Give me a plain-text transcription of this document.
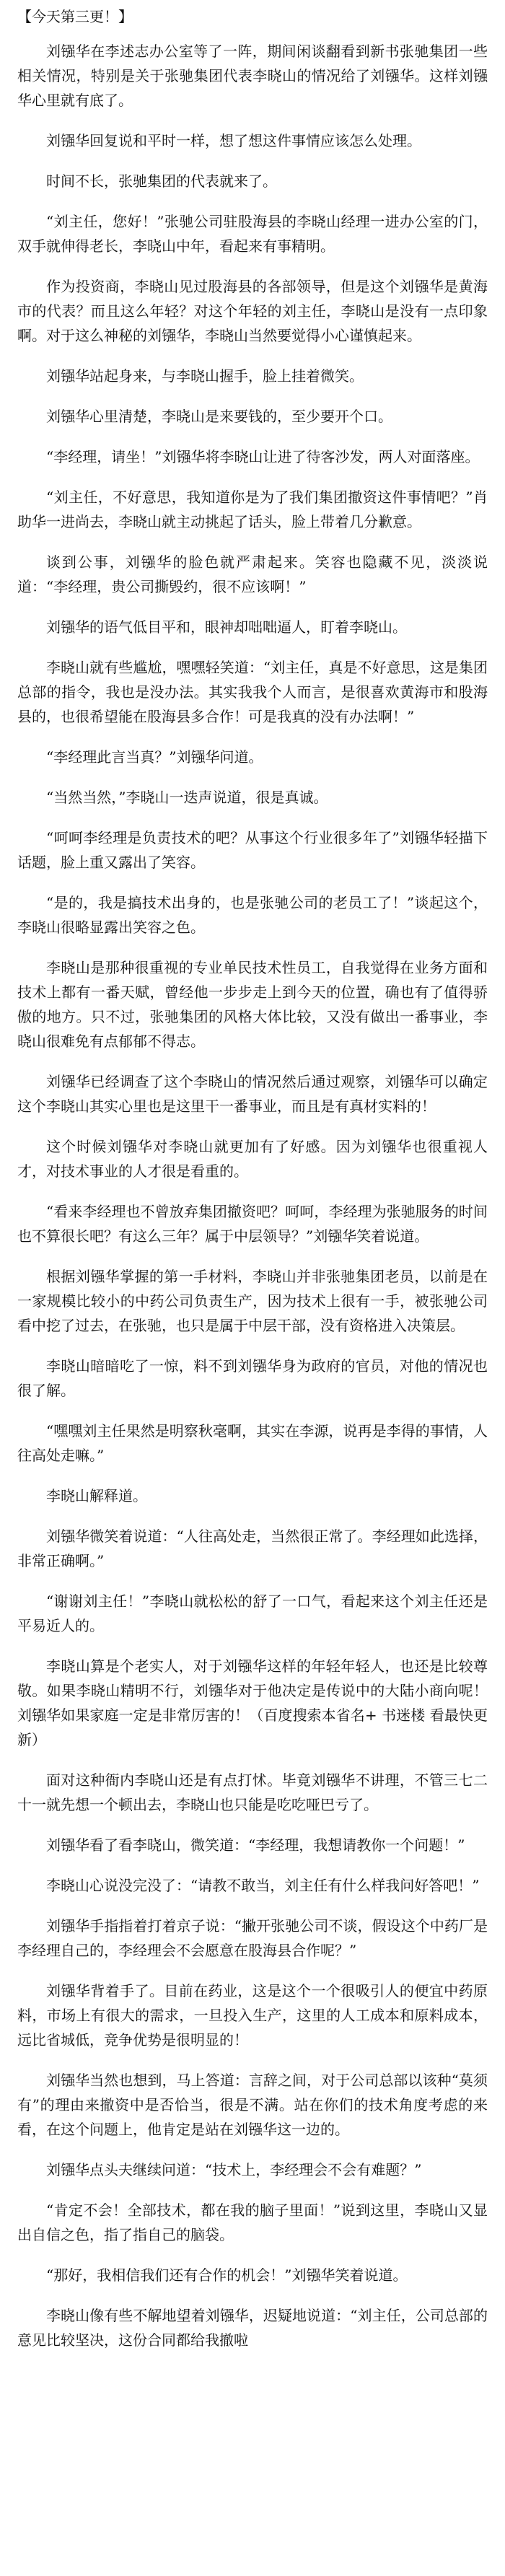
【今天第三更！】

刘镪华在李述志办公室等了一阵，期间闲谈翻看到新书张驰集团一些相关情况，特别是关于张驰集团代表李晓山的情况给了刘镪华。这样刘镪华心里就有底了。

刘镪华回复说和平时一样，想了想这件事情应该怎么处理。

时间不长，张驰集团的代表就来了。

“刘主任，您好！”张驰公司驻股海县的李晓山经理一进办公室的门，双手就伸得老长，李晓山中年，看起来有事精明。

作为投资商，李晓山见过股海县的各部领导，但是这个刘镪华是黄海市的代表？而且这么年轻？对这个年轻的刘主任，李晓山是没有一点印象啊。对于这么神秘的刘镪华，李晓山当然要觉得小心谨慎起来。

刘镪华站起身来，与李晓山握手，脸上挂着微笑。

刘镪华心里清楚，李晓山是来要钱的，至少要开个口。

“李经理，请坐！”刘镪华将李晓山让进了待客沙发，两人对面落座。

“刘主任，不好意思，我知道你是为了我们集团撤资这件事情吧？”肖助华一进尚去，李晓山就主动挑起了话头，脸上带着几分歉意。

谈到公事，刘镪华的脸色就严肃起来。笑容也隐藏不见，淡淡说道：“李经理，贵公司撕毁约，很不应该啊！”

刘镪华的语气低目平和，眼神却咄咄逼人，盯着李晓山。

李晓山就有些尴尬，嘿嘿轻笑道：“刘主任，真是不好意思，这是集团总部的指令，我也是没办法。其实我我个人而言，是很喜欢黄海市和股海县的，也很希望能在股海县多合作！可是我真的没有办法啊！”

“李经理此言当真？”刘镪华问道。

“当然当然，”李晓山一迭声说道，很是真诚。

“呵呵李经理是负责技术的吧？从事这个行业很多年了”刘镪华轻描下话题，脸上重又露出了笑容。

“是的，我是搞技术出身的，也是张驰公司的老员工了！”谈起这个，李晓山很略显露出笑容之色。

李晓山是那种很重视的专业单民技术性员工，自我觉得在业务方面和技术上都有一番天赋，曾经他一步步走上到今天的位置，确也有了值得骄傲的地方。只不过，张驰集团的风格大体比较，又没有做出一番事业，李晓山很难免有点郁郁不得志。

刘镪华已经调查了这个李晓山的情况然后通过观察，刘镪华可以确定这个李晓山其实心里也是这里干一番事业，而且是有真材实料的！

这个时候刘镪华对李晓山就更加有了好感。因为刘镪华也很重视人才，对技术事业的人才很是看重的。

“看来李经理也不曾放弃集团撤资吧？呵呵，李经理为张驰服务的时间也不算很长吧？有这么三年？属于中层领导？”刘镪华笑着说道。

根据刘镪华掌握的第一手材料，李晓山并非张驰集团老员，以前是在一家规模比较小的中药公司负责生产，因为技术上很有一手，被张驰公司看中挖了过去，在张驰，也只是属于中层干部，没有资格进入决策层。

李晓山暗暗吃了一惊，料不到刘镪华身为政府的官员，对他的情况也很了解。

“嘿嘿刘主任果然是明察秋毫啊，其实在李源，说再是李得的事情，人往高处走嘛。”

李晓山解释道。

刘镪华微笑着说道：“人往高处走，当然很正常了。李经理如此选择，非常正确啊。”

“谢谢刘主任！”李晓山就松松的舒了一口气，看起来这个刘主任还是平易近人的。

李晓山算是个老实人，对于刘镪华这样的年轻年轻人，也还是比较尊敬。如果李晓山精明不行，刘镪华对于他决定是传说中的大陆小商向呢！刘镪华如果家庭一定是非常厉害的！（百度搜索本省名+ 书迷楼 看最快更新）

面对这种衙内李晓山还是有点打怵。毕竟刘镪华不讲理，不管三七二十一就先想一个顿出去，李晓山也只能是吃吃哑巴亏了。

刘镪华看了看李晓山，微笑道：“李经理，我想请教你一个问题！”

李晓山心说没完没了：“请教不敢当，刘主任有什么样我问好答吧！”

刘镪华手指指着打着京子说：“撇开张驰公司不谈，假设这个中药厂是李经理自己的，李经理会不会愿意在股海县合作呢？”

刘镪华背着手了。目前在药业，这是这个一个很吸引人的便宜中药原料，市场上有很大的需求，一旦投入生产，这里的人工成本和原料成本，远比省城低，竞争优势是很明显的！

刘镪华当然也想到，马上答道：言辞之间，对于公司总部以该种“莫须有”的理由来撤资中是否恰当，很是不满。站在你们的技术角度考虑的来看，在这个问题上，他肯定是站在刘镪华这一边的。

刘镪华点头夫继续问道：“技术上，李经理会不会有难题？”

“肯定不会！全部技术，都在我的脑子里面！”说到这里，李晓山又显出自信之色，指了指自己的脑袋。

“那好，我相信我们还有合作的机会！”刘镪华笑着说道。

李晓山像有些不解地望着刘镪华，迟疑地说道：“刘主任，公司总部的意见比较坚决，这份合同都给我撤啦
